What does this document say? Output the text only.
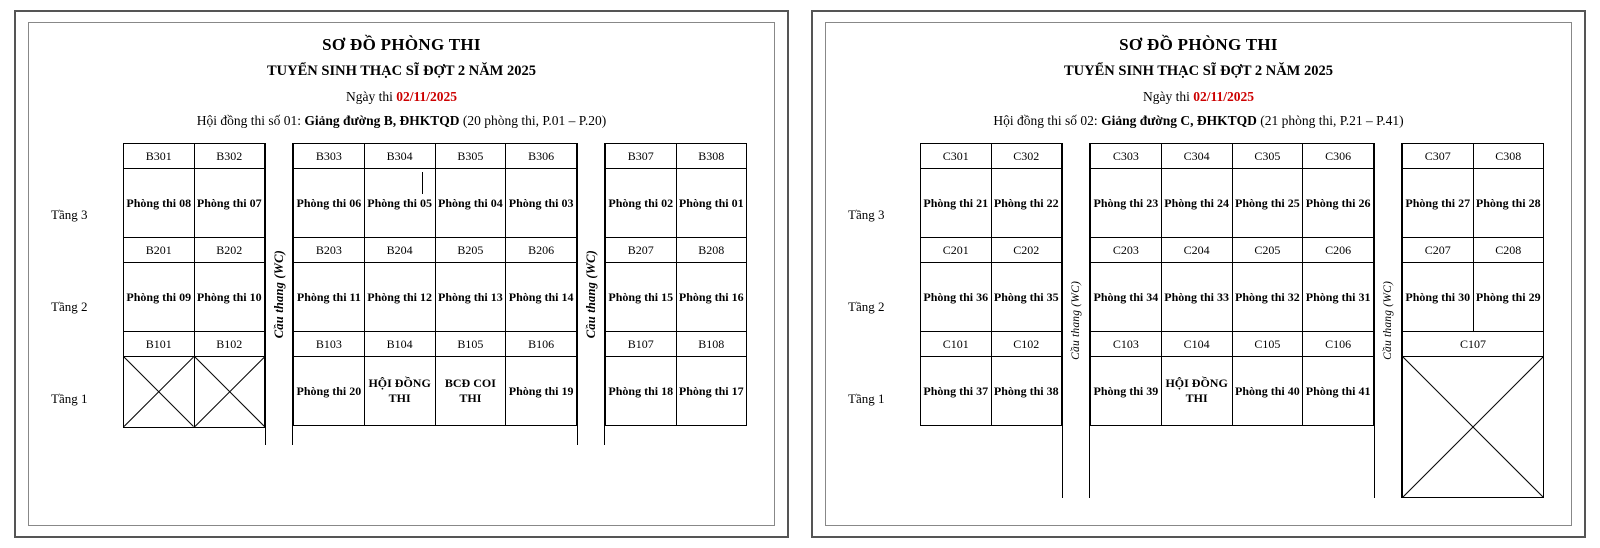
SƠ ĐỒ PHÒNG THI
TUYỂN SINH THẠC SĨ ĐỢT 2 NĂM 2025
Ngày thi 02/11/2025
Hội đồng thi số 01: Giảng đường B, ĐHKTQD (20 phòng thi, P.01 – P.20)
Tầng 3
Tầng 2
Tầng 1
B301	B302
Phòng thi 08	Phòng thi 07
B201	B202
Phòng thi 09	Phòng thi 10
B101	B102

Cầu thang (WC)
B303	B304	B305	B306
Phòng thi 06	Phòng thi 05	Phòng thi 04	Phòng thi 03
B203	B204	B205	B206
Phòng thi 11	Phòng thi 12	Phòng thi 13	Phòng thi 14
B103	B104	B105	B106
Phòng thi 20	HỘI ĐỒNG THI	BCĐ COI THI	Phòng thi 19
Cầu thang (WC)
B307	B308
Phòng thi 02	Phòng thi 01
B207	B208
Phòng thi 15	Phòng thi 16
B107	B108
Phòng thi 18	Phòng thi 17
SƠ ĐỒ PHÒNG THI
TUYỂN SINH THẠC SĨ ĐỢT 2 NĂM 2025
Ngày thi 02/11/2025
Hội đồng thi số 02: Giảng đường C, ĐHKTQD (21 phòng thi, P.21 – P.41)
Tầng 3
Tầng 2
Tầng 1
C301	C302
Phòng thi 21	Phòng thi 22
C201	C202
Phòng thi 36	Phòng thi 35
C101	C102
Phòng thi 37	Phòng thi 38
Cầu thang (WC)
C303	C304	C305	C306
Phòng thi 23	Phòng thi 24	Phòng thi 25	Phòng thi 26
C203	C204	C205	C206
Phòng thi 34	Phòng thi 33	Phòng thi 32	Phòng thi 31
C103	C104	C105	C106
Phòng thi 39	HỘI ĐỒNG THI	Phòng thi 40	Phòng thi 41
Cầu thang (WC)
C307	C308
Phòng thi 27	Phòng thi 28
C207	C208
Phòng thi 30	Phòng thi 29
C107	
